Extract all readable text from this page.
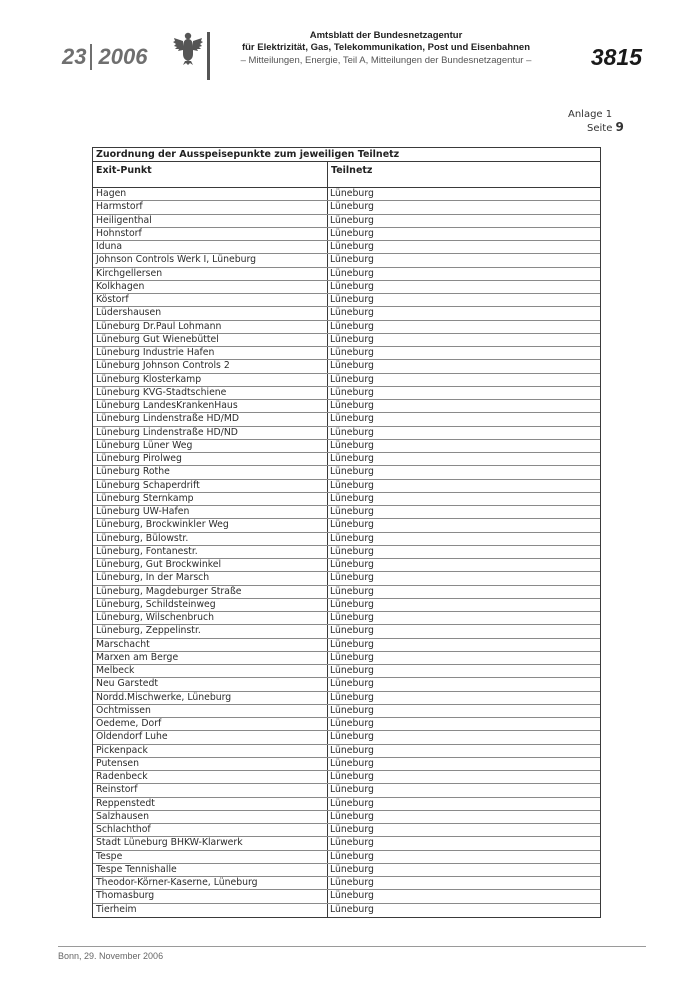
23 2006
Amtsblatt der Bundesnetzagentur
für Elektrizität, Gas, Telekommunikation, Post und Eisenbahnen
– Mitteilungen, Energie, Teil A, Mitteilungen der Bundesnetzagentur –	3815
Anlage 1
Seite 9
Zuordnung der Ausspeisepunkte zum jeweiligen Teilnetz
Exit-Punkt	Teilnetz
Hagen	Lüneburg
Harmstorf	Lüneburg
Heiligenthal	Lüneburg
Hohnstorf	Lüneburg
Iduna	Lüneburg
Johnson Controls Werk I, Lüneburg	Lüneburg
Kirchgellersen	Lüneburg
Kolkhagen	Lüneburg
Köstorf	Lüneburg
Lüdershausen	Lüneburg
Lüneburg Dr.Paul Lohmann	Lüneburg
Lüneburg Gut Wienebüttel	Lüneburg
Lüneburg Industrie Hafen	Lüneburg
Lüneburg Johnson Controls 2	Lüneburg
Lüneburg Klosterkamp	Lüneburg
Lüneburg KVG-Stadtschiene	Lüneburg
Lüneburg LandesKrankenHaus	Lüneburg
Lüneburg Lindenstraße HD/MD	Lüneburg
Lüneburg Lindenstraße HD/ND	Lüneburg
Lüneburg Lüner Weg	Lüneburg
Lüneburg Pirolweg	Lüneburg
Lüneburg Rothe	Lüneburg
Lüneburg Schaperdrift	Lüneburg
Lüneburg Sternkamp	Lüneburg
Lüneburg UW-Hafen	Lüneburg
Lüneburg, Brockwinkler Weg	Lüneburg
Lüneburg, Bülowstr.	Lüneburg
Lüneburg, Fontanestr.	Lüneburg
Lüneburg, Gut Brockwinkel	Lüneburg
Lüneburg, In der Marsch	Lüneburg
Lüneburg, Magdeburger Straße	Lüneburg
Lüneburg, Schildsteinweg	Lüneburg
Lüneburg, Wilschenbruch	Lüneburg
Lüneburg, Zeppelinstr.	Lüneburg
Marschacht	Lüneburg
Marxen am Berge	Lüneburg
Melbeck	Lüneburg
Neu Garstedt	Lüneburg
Nordd.Mischwerke, Lüneburg	Lüneburg
Ochtmissen	Lüneburg
Oedeme, Dorf	Lüneburg
Oldendorf Luhe	Lüneburg
Pickenpack	Lüneburg
Putensen	Lüneburg
Radenbeck	Lüneburg
Reinstorf	Lüneburg
Reppenstedt	Lüneburg
Salzhausen	Lüneburg
Schlachthof	Lüneburg
Stadt Lüneburg BHKW-Klarwerk	Lüneburg
Tespe	Lüneburg
Tespe Tennishalle	Lüneburg
Theodor-Körner-Kaserne, Lüneburg	Lüneburg
Thomasburg	Lüneburg
Tierheim	Lüneburg
Bonn, 29. November 2006
